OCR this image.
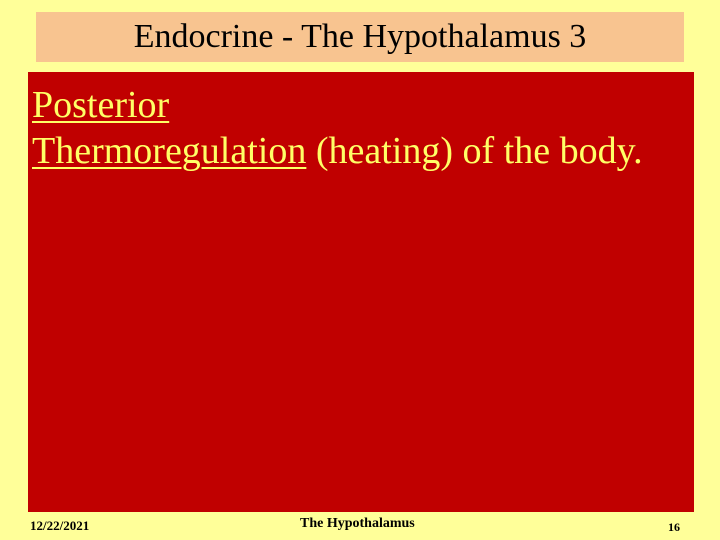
Endocrine - The Hypothalamus 3

Posterior

Thermoregulation (heating) of the body.

12/22/2021	The Hypothalamus	16
